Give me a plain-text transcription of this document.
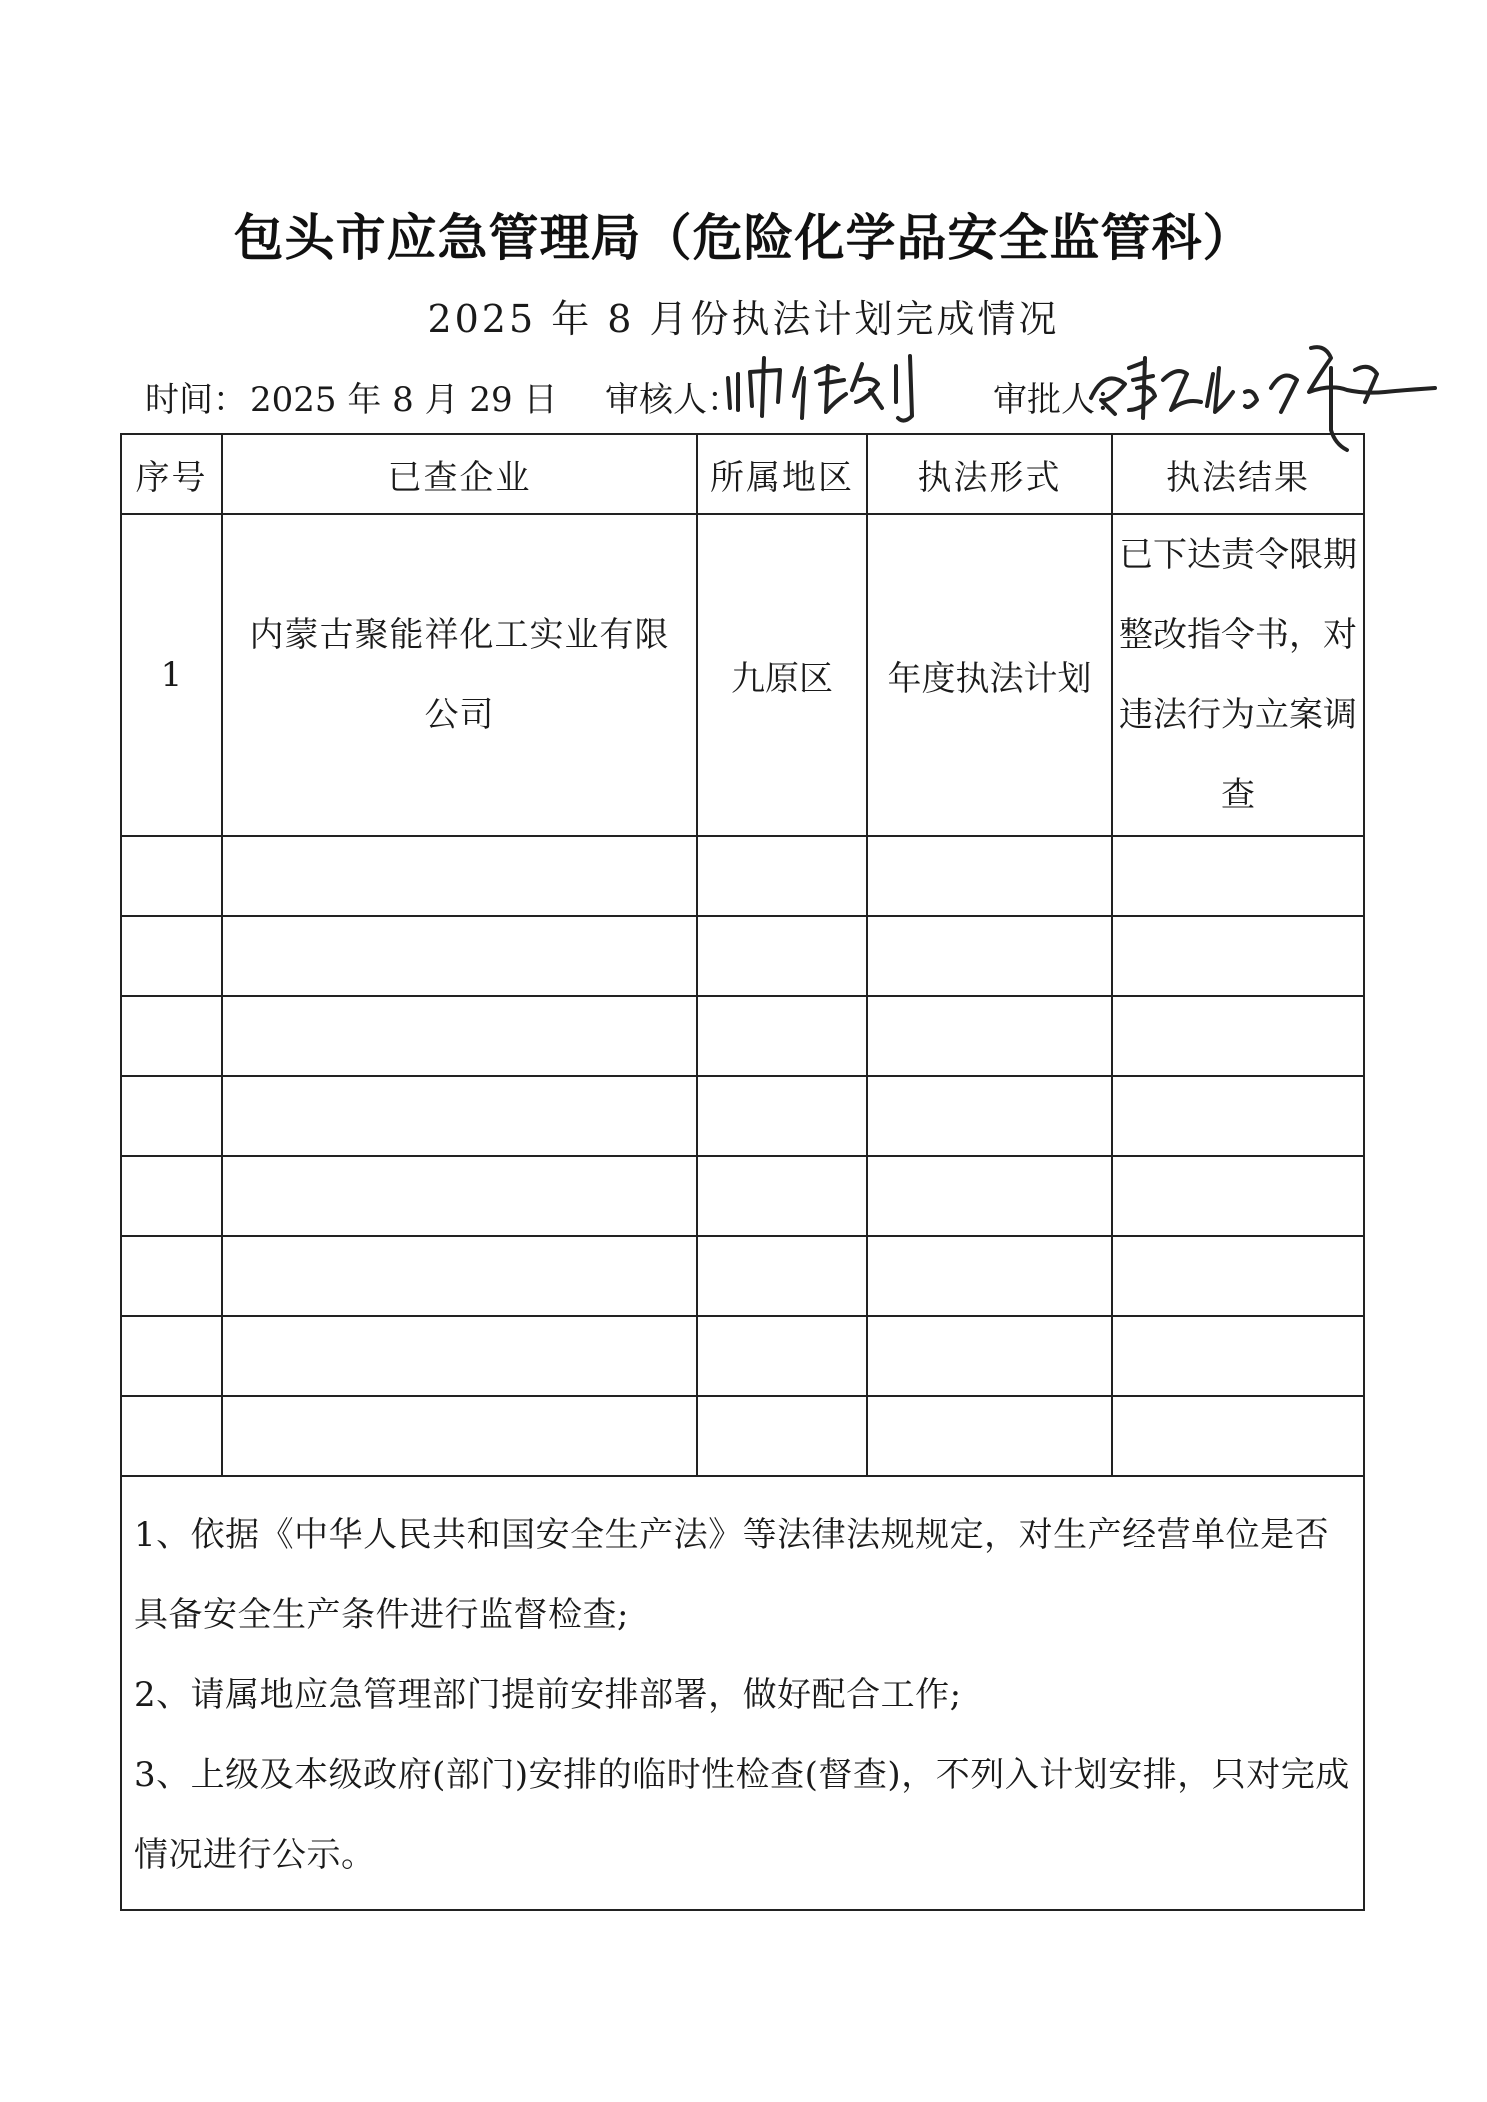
包头市应急管理局（危险化学品安全监管科）
2025 年 8 月份执法计划完成情况
时间： 2025 年 8 月 29 日 审核人：	审批人：
序号	已查企业	所属地区	执法形式	执法结果
1	内蒙古聚能祥化工实业有限公司	九原区	年度执法计划	已下达责令限期整改指令书，对违法行为立案调查

1、依据《中华人民共和国安全生产法》等法律法规规定，对生产经营单位是否具备安全生产条件进行监督检查;

2、请属地应急管理部门提前安排部署，做好配合工作;

3、上级及本级政府(部门)安排的临时性检查(督查)，不列入计划安排，只对完成情况进行公示。				
